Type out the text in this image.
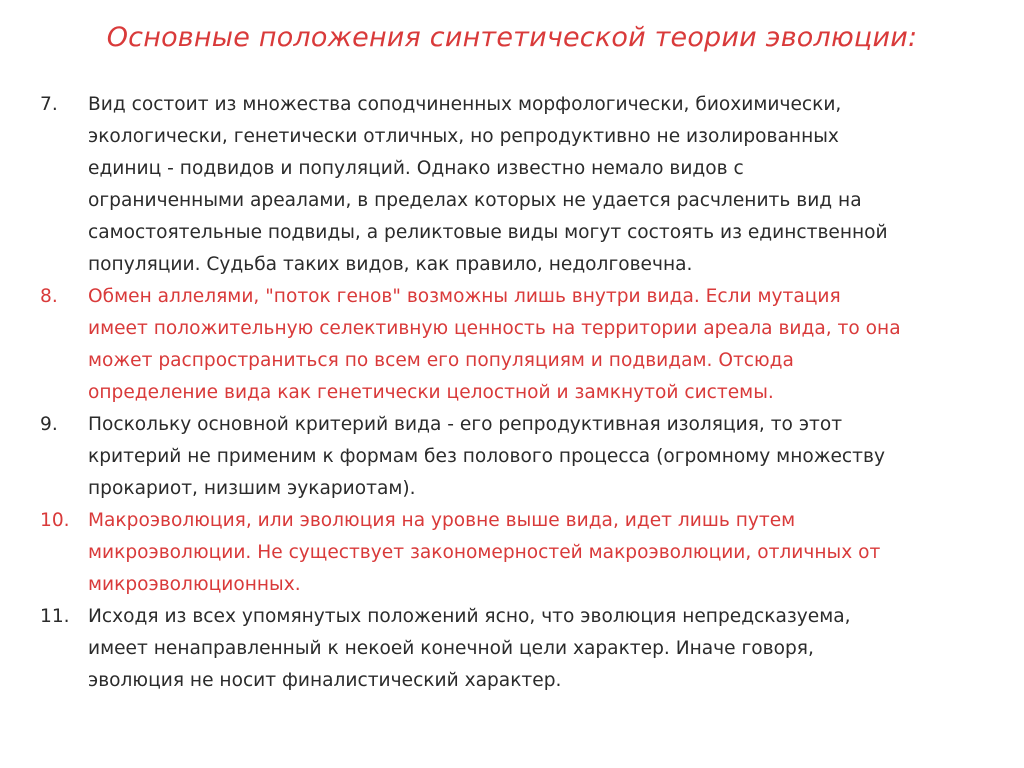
Основные положения синтетической теории эволюции:
7.	Вид состоит из множества соподчиненных морфологически, биохимически,
экологически, генетически отличных, но репродуктивно не изолированных
единиц - подвидов и популяций. Однако известно немало видов с
ограниченными ареалами, в пределах которых не удается расчленить вид на
самостоятельные подвиды, а реликтовые виды могут состоять из единственной
популяции. Судьба таких видов, как правило, недолговечна.
8.	Обмен аллелями, "поток генов" возможны лишь внутри вида. Если мутация
имеет положительную селективную ценность на территории ареала вида, то она
может распространиться по всем его популяциям и подвидам. Отсюда
определение вида как генетически целостной и замкнутой системы.
9.	Поскольку основной критерий вида - его репродуктивная изоляция, то этот
критерий не применим к формам без полового процесса (огромному множеству
прокариот, низшим эукариотам).
10. Макроэволюция, или эволюция на уровне выше вида, идет лишь путем
микроэволюции. Не существует закономерностей макроэволюции, отличных от
микроэволюционных.
11. Исходя из всех упомянутых положений ясно, что эволюция непредсказуема,
имеет ненаправленный к некоей конечной цели характер. Иначе говоря,
эволюция не носит финалистический характер.
